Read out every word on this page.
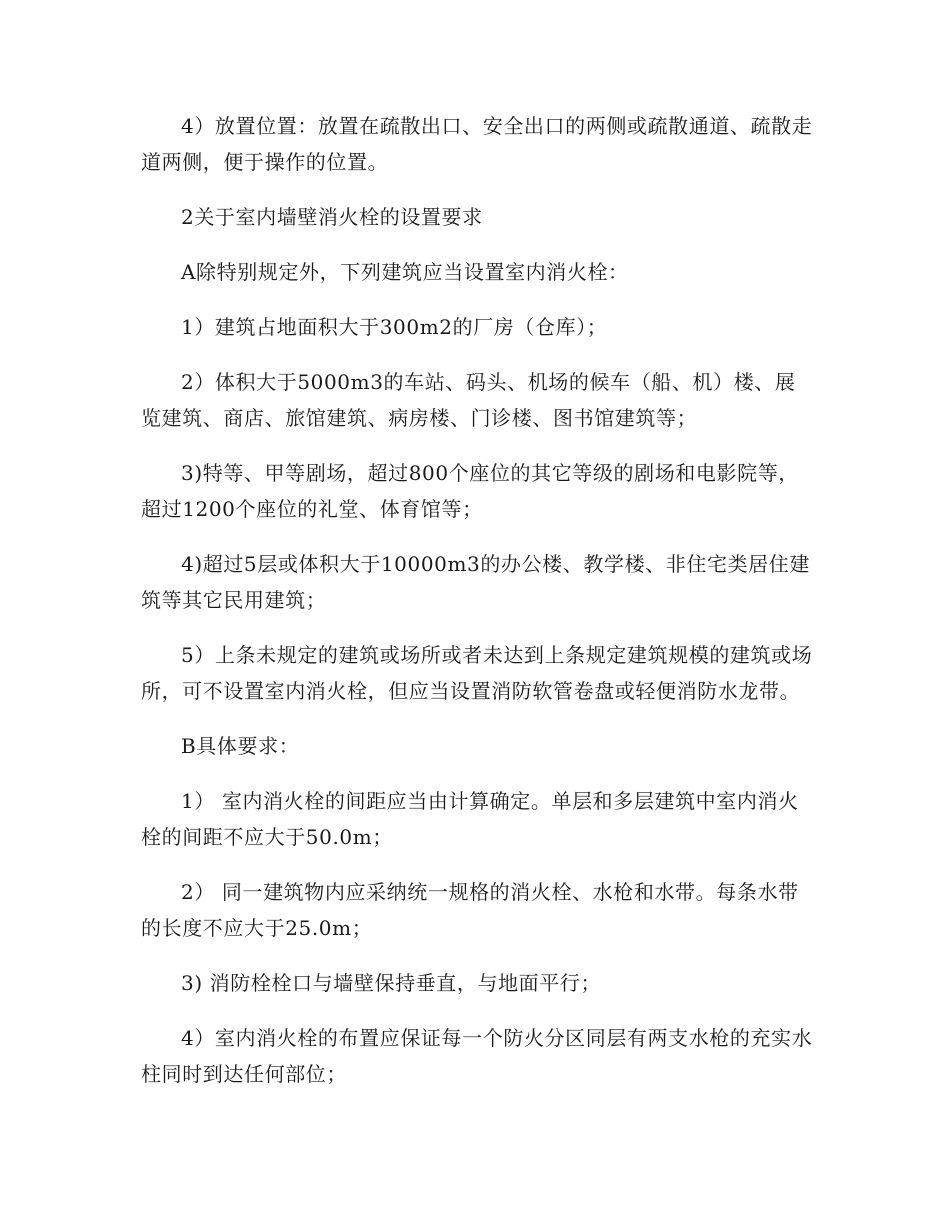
4）放置位置：放置在疏散出口、安全出口的两侧或疏散通道、疏散走道两侧，便于操作的位置。

2关于室内墙壁消火栓的设置要求

A除特别规定外，下列建筑应当设置室内消火栓：

1）建筑占地面积大于300m2的厂房（仓库）；

2）体积大于5000m3的车站、码头、机场的候车（船、机）楼、展览建筑、商店、旅馆建筑、病房楼、门诊楼、图书馆建筑等；

3)特等、甲等剧场，超过800个座位的其它等级的剧场和电影院等，超过1200个座位的礼堂、体育馆等；

4)超过5层或体积大于10000m3的办公楼、教学楼、非住宅类居住建筑等其它民用建筑；

5）上条未规定的建筑或场所或者未达到上条规定建筑规模的建筑或场所，可不设置室内消火栓，但应当设置消防软管卷盘或轻便消防水龙带。

B具体要求：

1） 室内消火栓的间距应当由计算确定。单层和多层建筑中室内消火栓的间距不应大于50.0m；

2） 同一建筑物内应采纳统一规格的消火栓、水枪和水带。每条水带的长度不应大于25.0m；

3) 消防栓栓口与墙壁保持垂直，与地面平行；

4）室内消火栓的布置应保证每一个防火分区同层有两支水枪的充实水柱同时到达任何部位；
